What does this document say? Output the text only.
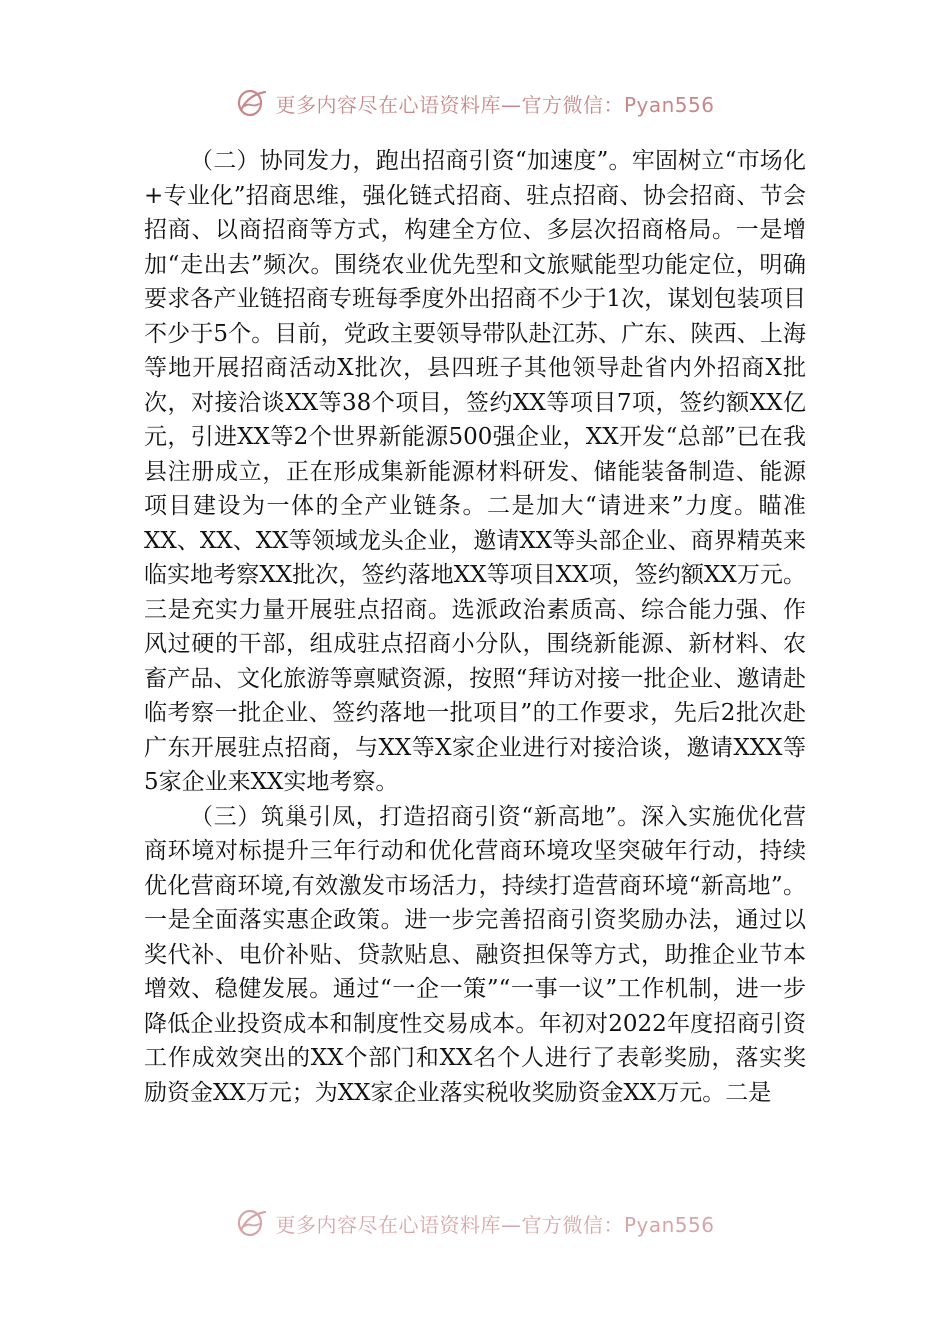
更多内容尽在心语资料库—官方微信：Pyan556

（二）协同发力，跑出招商引资“加速度”。牢固树立“市场化+专业化”招商思维，强化链式招商、驻点招商、协会招商、节会招商、以商招商等方式，构建全方位、多层次招商格局。一是增加“走出去”频次。围绕农业优先型和文旅赋能型功能定位，明确要求各产业链招商专班每季度外出招商不少于1次，谋划包装项目不少于5个。目前，党政主要领导带队赴江苏、广东、陕西、上海等地开展招商活动X批次，县四班子其他领导赴省内外招商X批次，对接洽谈XX等38个项目，签约XX等项目7项，签约额XX亿元，引进XX等2个世界新能源500强企业，XX开发“总部”已在我县注册成立，正在形成集新能源材料研发、储能装备制造、能源项目建设为一体的全产业链条。二是加大“请进来”力度。瞄准XX、XX、XX等领域龙头企业，邀请XX等头部企业、商界精英来临实地考察XX批次，签约落地XX等项目XX项，签约额XX万元。三是充实力量开展驻点招商。选派政治素质高、综合能力强、作风过硬的干部，组成驻点招商小分队，围绕新能源、新材料、农畜产品、文化旅游等禀赋资源，按照“拜访对接一批企业、邀请赴临考察一批企业、签约落地一批项目”的工作要求，先后2批次赴广东开展驻点招商，与XX等X家企业进行对接洽谈，邀请XXX等5家企业来XX实地考察。

（三）筑巢引凤，打造招商引资“新高地”。深入实施优化营商环境对标提升三年行动和优化营商环境攻坚突破年行动，持续优化营商环境,有效激发市场活力，持续打造营商环境“新高地”。一是全面落实惠企政策。进一步完善招商引资奖励办法，通过以奖代补、电价补贴、贷款贴息、融资担保等方式，助推企业节本增效、稳健发展。通过“一企一策”“一事一议”工作机制，进一步降低企业投资成本和制度性交易成本。年初对2022年度招商引资工作成效突出的XX个部门和XX名个人进行了表彰奖励，落实奖励资金XX万元；为XX家企业落实税收奖励资金XX万元。二是

更多内容尽在心语资料库—官方微信：Pyan556
